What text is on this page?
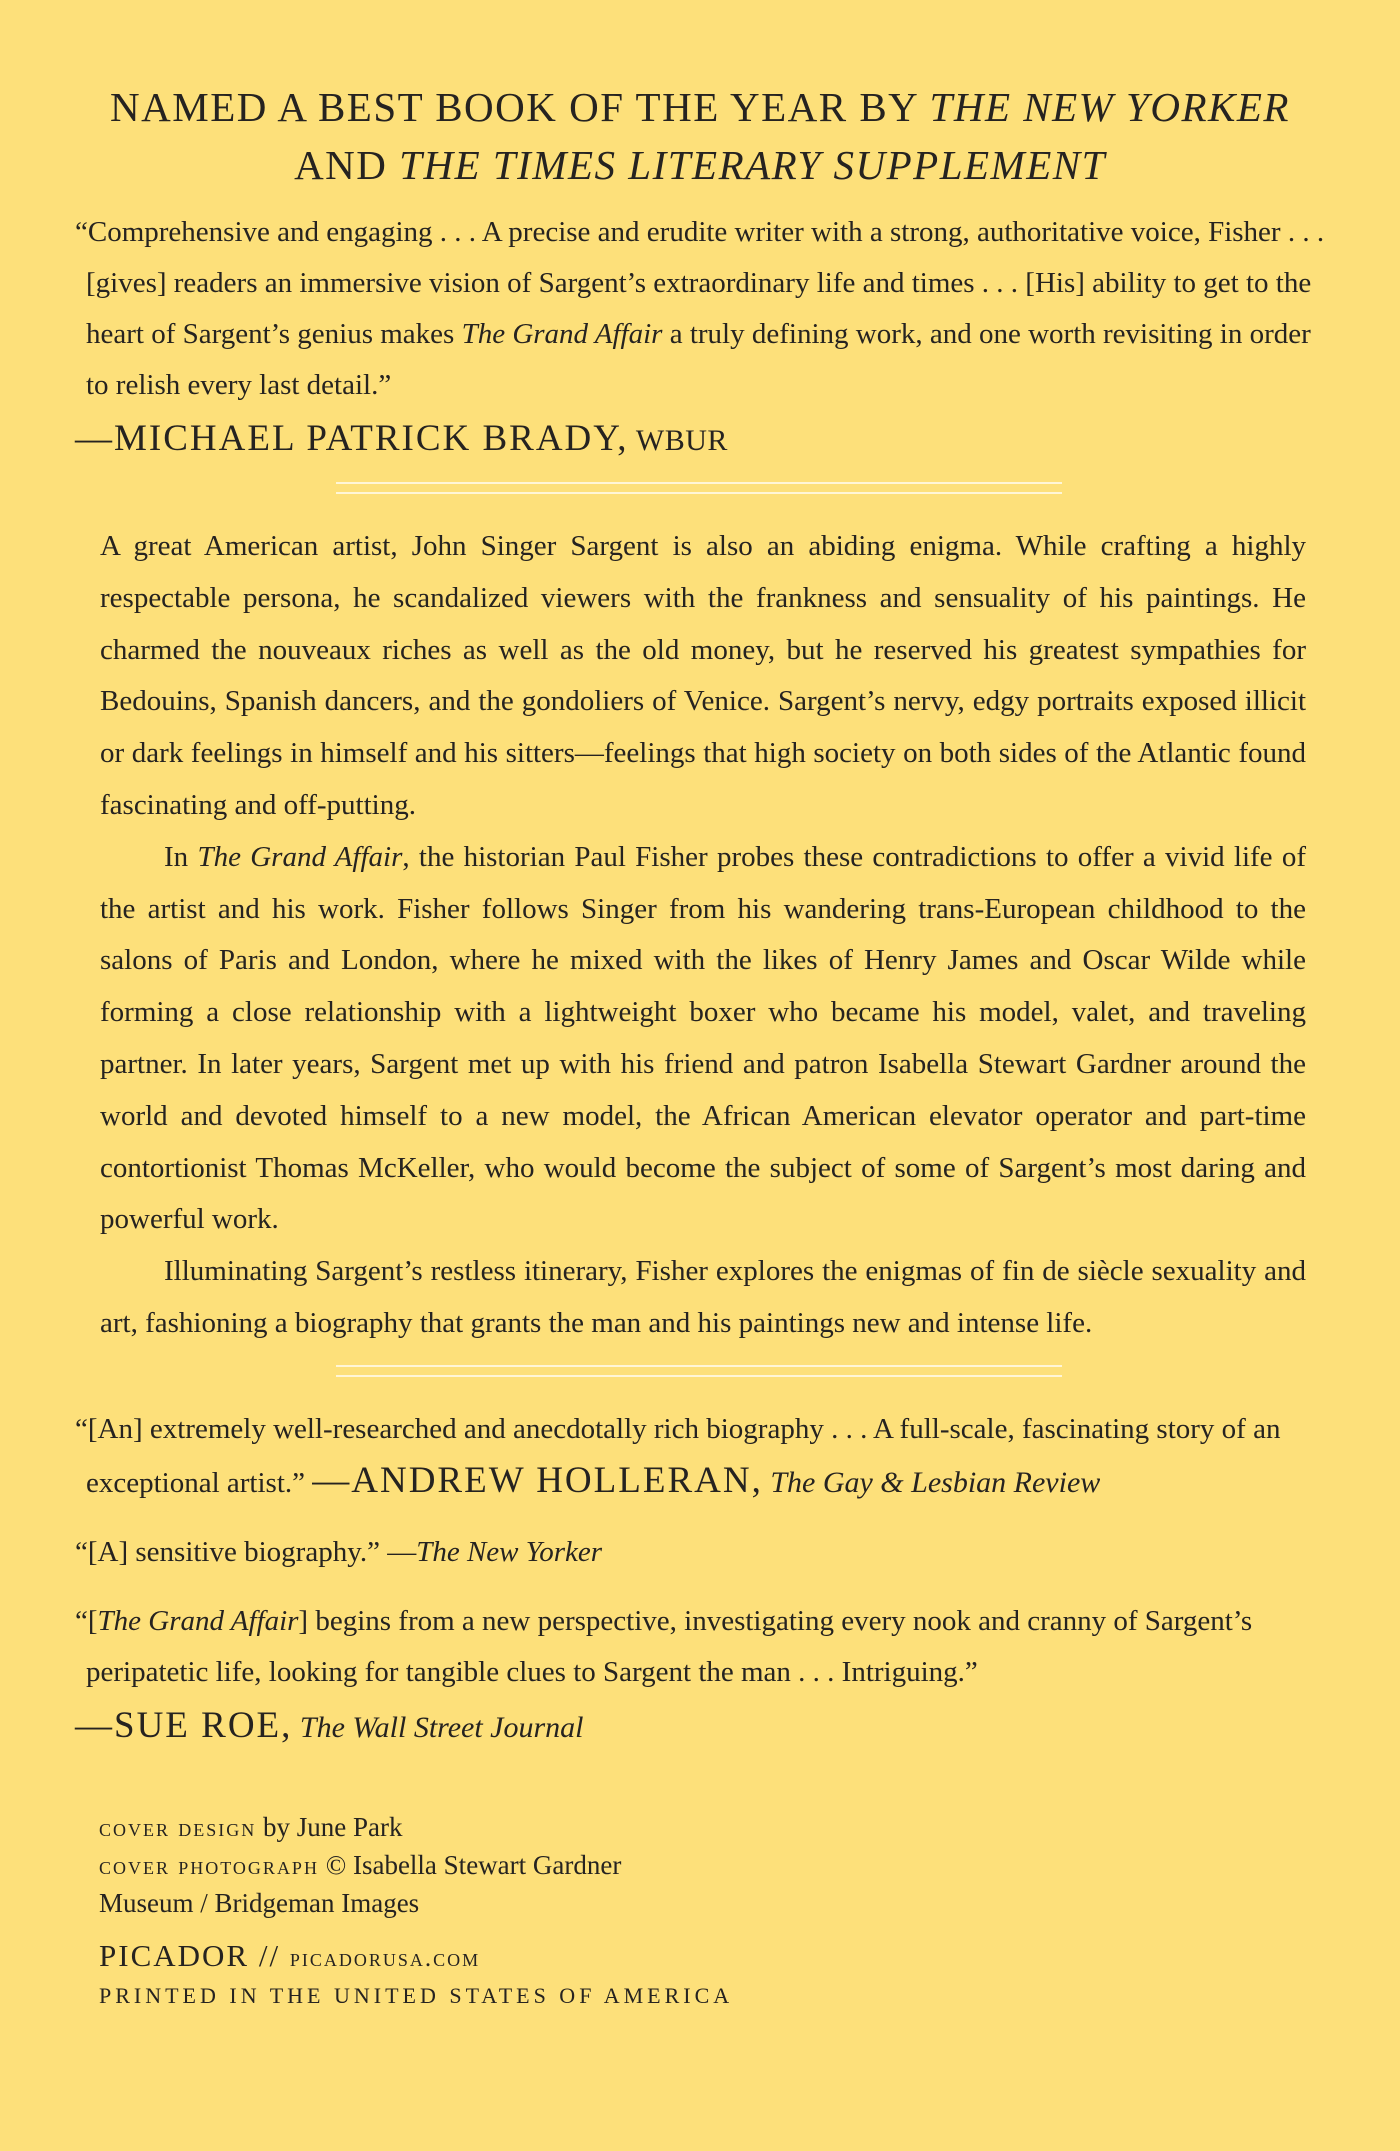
NAMED A BEST BOOK OF THE YEAR BY THE NEW YORKER
AND THE TIMES LITERARY SUPPLEMENT

“Comprehensive and engaging . . . A precise and erudite writer with a strong, authoritative voice, Fisher . . . [gives] readers an immersive vision of Sargent’s extraordinary life and times . . . [His] ability to get to the heart of Sargent’s genius makes The Grand Affair a truly defining work, and one worth revisiting in order to relish every last detail.”

—MICHAEL PATRICK BRADY, WBUR

A great American artist, John Singer Sargent is also an abiding enigma. While crafting a highly respectable persona, he scandalized viewers with the frankness and sensuality of his paintings. He charmed the nouveaux riches as well as the old money, but he reserved his greatest sympathies for Bedouins, Spanish dancers, and the gondoliers of Venice. Sargent’s nervy, edgy portraits exposed illicit or dark feelings in himself and his sitters—feelings that high society on both sides of the Atlantic found fascinating and off-putting.

In The Grand Affair, the historian Paul Fisher probes these contradictions to offer a vivid life of the artist and his work. Fisher follows Singer from his wandering trans-European childhood to the salons of Paris and London, where he mixed with the likes of Henry James and Oscar Wilde while forming a close relationship with a lightweight boxer who became his model, valet, and traveling partner. In later years, Sargent met up with his friend and patron Isabella Stewart Gardner around the world and devoted himself to a new model, the African American elevator operator and part-time contortionist Thomas McKeller, who would become the subject of some of Sargent’s most daring and powerful work.

Illuminating Sargent’s restless itinerary, Fisher explores the enigmas of fin de siècle sexuality and art, fashioning a biography that grants the man and his paintings new and intense life.

“[An] extremely well-researched and anecdotally rich biography . . . A full-scale, fascinating story of an exceptional artist.” —ANDREW HOLLERAN, The Gay & Lesbian Review

“[A] sensitive biography.” —The New Yorker

“[The Grand Affair] begins from a new perspective, investigating every nook and cranny of Sargent’s peripatetic life, looking for tangible clues to Sargent the man . . . Intriguing.”

—SUE ROE, The Wall Street Journal
cover design by June Park
cover photograph © Isabella Stewart Gardner
Museum / Bridgeman Images
PICADOR // picadorusa.com
PRINTED IN THE UNITED STATES OF AMERICA
